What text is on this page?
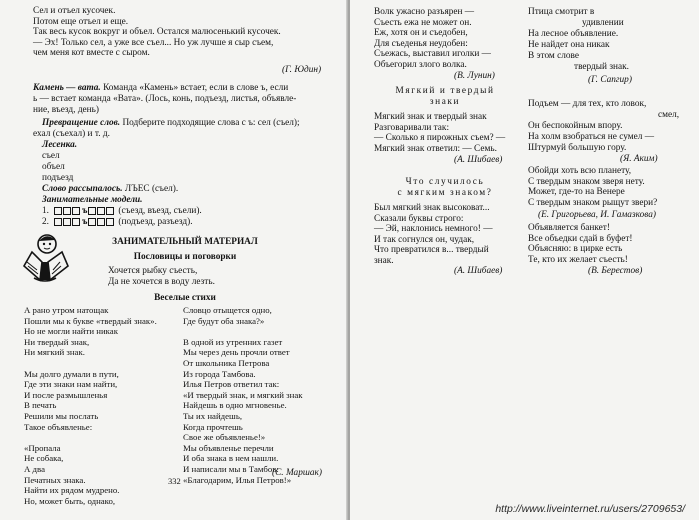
Сел и отъел кусочек.
Потом еще отъел и еще.
Так весь кусок вокруг и объел. Остался малюсенький кусочек.
— Эх! Только сел, а уже все съел... Но уж лучше я сыр съем,
чем меня кот вместе с сыром.
(Г. Юдин)
Камень — вата. Команда «Камень» встает, если в слове ъ, если
ь — встает команда «Вата». (Лось, конь, подъезд, листья, объявле-
ние, въезд, день)
Превращение слов. Подберите подходящие слова с ъ: сел (съел);
ехал (съехал) и т. д.
Лесенка.
съел
объел
подъезд
Слово рассыпалось. ЛЪЕС (съел).
Занимательные модели.
1.	ъ	(съезд, въезд, съели).
2.	ъ	(подъезд, разъезд).
ЗАНИМАТЕЛЬНЫЙ МАТЕРИАЛ
Пословицы и поговорки
Хочется рыбку съесть,
Да не хочется в воду лезть.
Веселые стихи
А рано утром натощак
Пошли мы к букве «твердый знак».
Но не могли найти никак
Ни твердый знак,
Ни мягкий знак.
Мы долго думали в пути,
Где эти знаки нам найти,
И после размышленья
В печать
Решили мы послать
Такое объявленье:
«Пропала
Не собака,
А два
Печатных знака.
Найти их рядом мудрено.
Но, может быть, однако,
Словцо отыщется одно,
Где будут оба знака?»
В одной из утренних газет
Мы через день прочли ответ
От школьника Петрова
Из города Тамбова.
Илья Петров ответил так:
«И твердый знак, и мягкий знак
Найдешь в одно мгновенье.
Ты их найдешь,
Когда прочтешь
Свое же объявленье!»
Мы объявленье перечли
И оба знака в нем нашли.
И написали мы в Тамбов:
«Благодарим, Илья Петров!»
(С. Маршак)
332
Волк ужасно разъярен —
Съесть ежа не может он.
Еж, хотя он и съедобен,
Для съеденья неудобен:
Съежась, выставил иголки —
Объегорил злого волка.
(В. Лунин)
Мягкий и твердый
знаки
Мягкий знак и твердый знак
Разговаривали так:
— Сколько я пирожных съем? —
Мягкий знак ответил: — Семь.
(А. Шибаев)
Что случилось
с мягким знаком?
Был мягкий знак высоковат...
Сказали буквы строго:
— Эй, наклонись немного! —
И так согнулся он, чудак,
Что превратился в... твердый
знак.
(А. Шибаев)
Птица смотрит в
удивлении
На лесное объявление.
Не найдет она никак
В этом слове
твердый знак.
(Г. Сапгир)
Подъем — для тех, кто ловок,
смел,
Он беспокойным впору.
На холм взобраться не сумел —
Штурмуй большую гору.
(Я. Аким)
Обойди хоть всю планету,
С твердым знаком зверя нету.
Может, где-то на Венере
С твердым знаком рыщут звери?
(Е. Григорьева, И. Гамазкова)
Объявляется банкет!
Все объедки сдай в буфет!
Объясняю: в цирке есть
Те, кто их желает съесть!
(В. Берестов)
http://www.liveinternet.ru/users/2709653/
